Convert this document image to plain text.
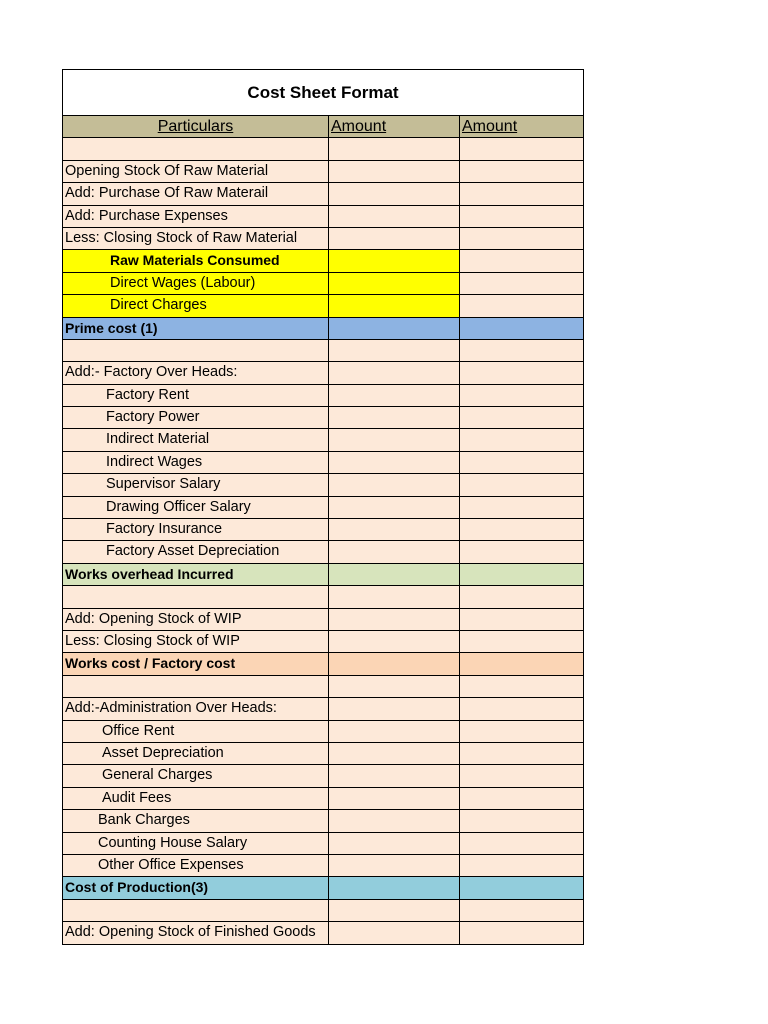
Cost Sheet Format
Particulars	Amount	Amount
Opening Stock Of Raw Material
Add: Purchase Of Raw Materail
Add: Purchase Expenses
Less: Closing Stock of Raw Material
Raw Materials Consumed
Direct Wages (Labour)
Direct Charges
Prime cost (1)
Add:- Factory Over Heads:
Factory Rent
Factory Power
Indirect Material
Indirect Wages
Supervisor Salary
Drawing Officer Salary
Factory Insurance
Factory Asset Depreciation
Works overhead Incurred
Add: Opening Stock of WIP
Less: Closing Stock of WIP
Works cost / Factory cost
Add:-Administration Over Heads:
Office Rent
Asset Depreciation
General Charges
Audit Fees
Bank Charges
Counting House Salary
Other Office Expenses
Cost of Production(3)
Add: Opening Stock of Finished Goods
